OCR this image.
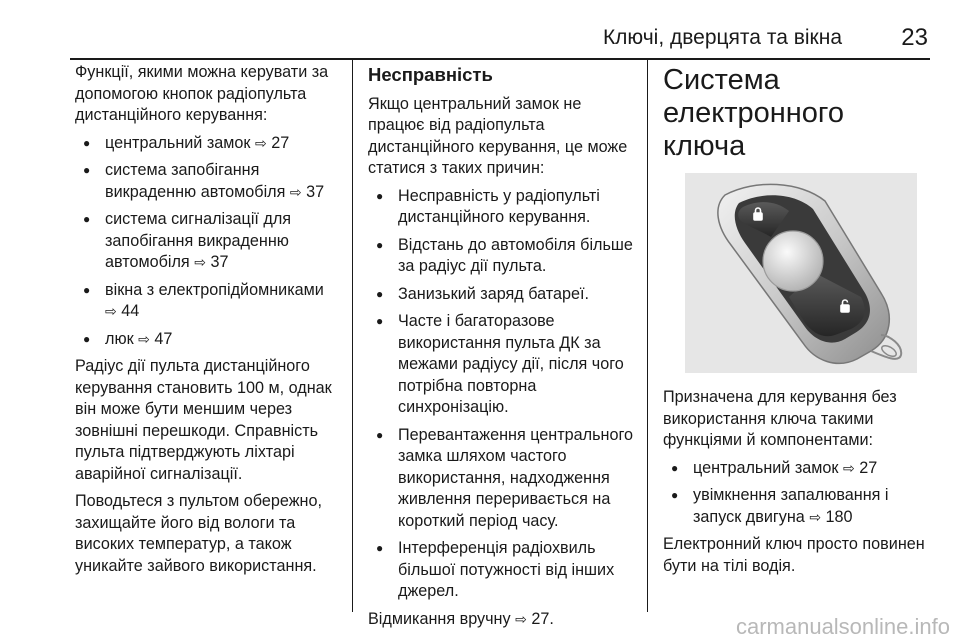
Ключі, дверцята та вікна 23

Функції, якими можна керувати за допомогою кнопок радіопульта дистанційного керування:

● центральний замок ⇨ 27
● система запобігання викраденню автомобіля ⇨ 37
● система сигналізації для запобігання викраденню автомобіля ⇨ 37
● вікна з електропідйомниками ⇨ 44
● люк ⇨ 47

Радіус дії пульта дистанційного керування становить 100 м, однак він може бути меншим через зовнішні перешкоди. Справність пульта підтверджують ліхтарі аварійної сигналізації.

Поводьтеся з пультом обережно, захищайте його від вологи та високих температур, а також уникайте зайвого використання.

Несправність

Якщо центральний замок не працює від радіопульта дистанційного керування, це може статися з таких причин:

● Несправність у радіопульті дистанційного керування.
● Відстань до автомобіля більше за радіус дії пульта.
● Занизький заряд батареї.
● Часте і багаторазове використання пульта ДК за межами радіусу дії, після чого потрібна повторна синхронізацію.
● Перевантаження центрального замка шляхом частого використання, надходження живлення переривається на короткий період часу.
● Інтерференція радіохвиль більшої потужності від інших джерел.

Відмикання вручну ⇨ 27.

Система електронного ключа

Призначена для керування без використання ключа такими функціями й компонентами:

● центральний замок ⇨ 27
● увімкнення запалювання і запуск двигуна ⇨ 180

Електронний ключ просто повинен бути на тілі водія.

carmanualsonline.info
